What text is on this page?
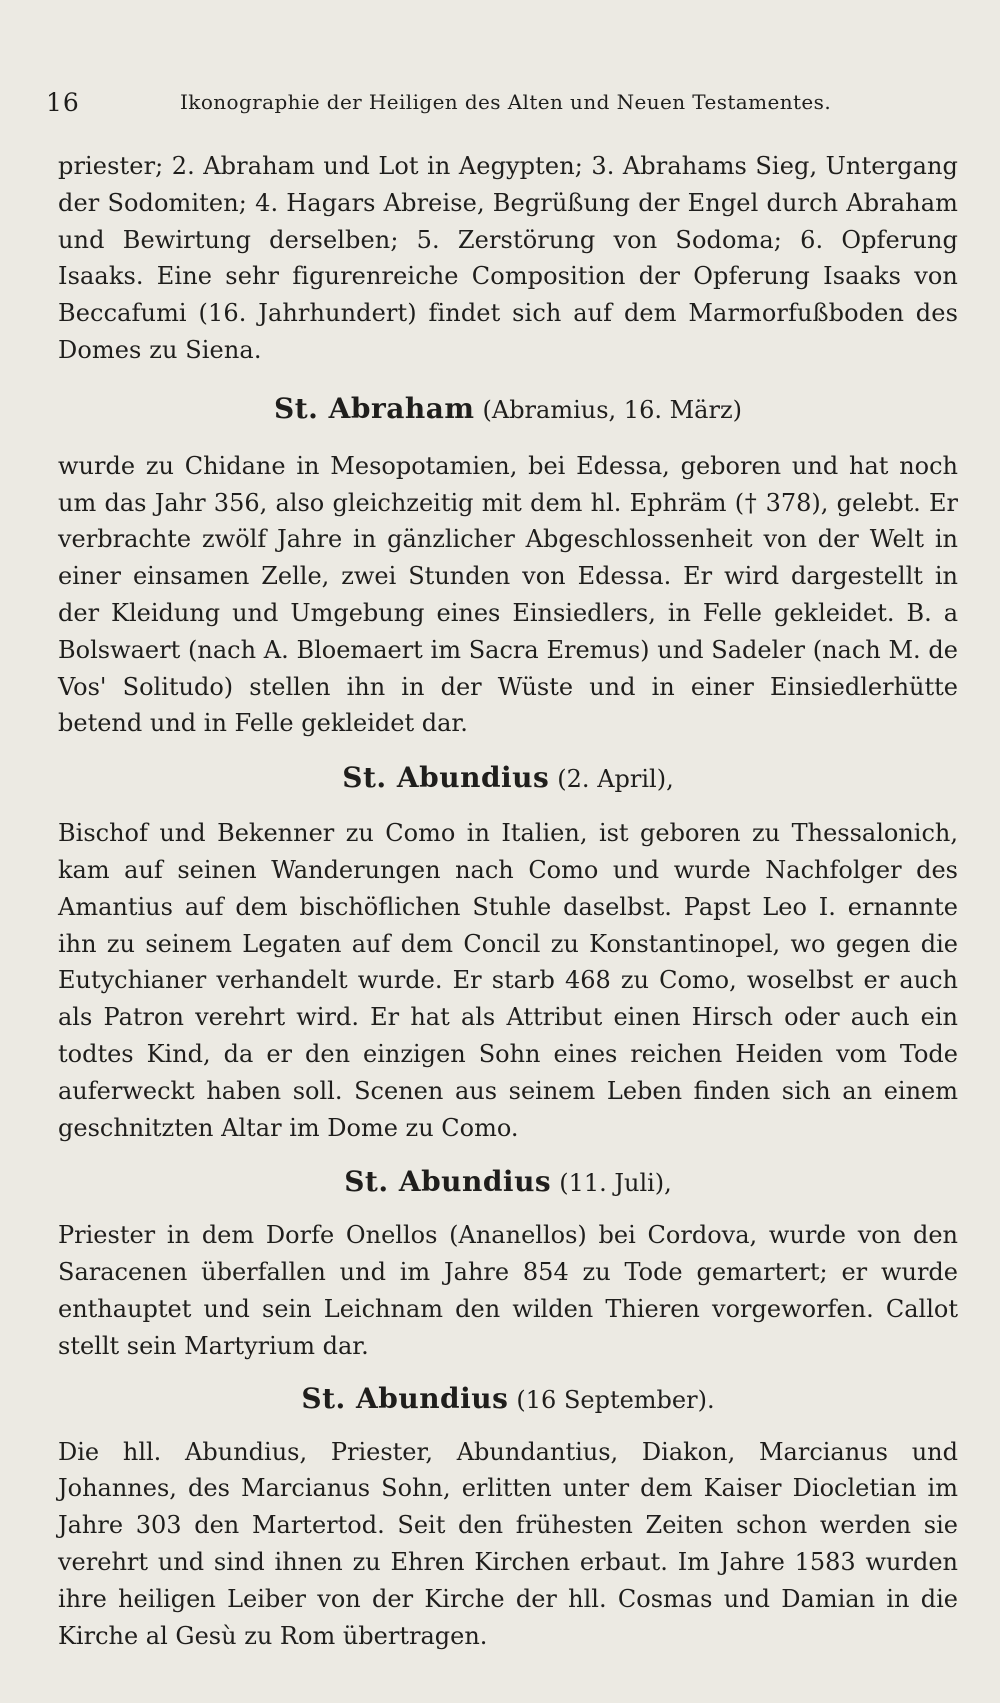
16	Ikonographie der Heiligen des Alten und Neuen Testamentes.

priester; 2. Abraham und Lot in Aegypten; 3. Abrahams Sieg, Untergang der Sodomiten; 4. Hagars Abreise, Begrüßung der Engel durch Abraham und Bewirtung derselben; 5. Zerstörung von Sodoma; 6. Opferung Isaaks. Eine sehr figurenreiche Composition der Opferung Isaaks von Beccafumi (16. Jahrhundert) findet sich auf dem Marmorfußboden des Domes zu Siena.

St. Abraham (Abramius, 16. März)

wurde zu Chidane in Mesopotamien, bei Edessa, geboren und hat noch um das Jahr 356, also gleichzeitig mit dem hl. Ephräm († 378), gelebt. Er verbrachte zwölf Jahre in gänzlicher Abgeschlossenheit von der Welt in einer einsamen Zelle, zwei Stunden von Edessa. Er wird dargestellt in der Kleidung und Umgebung eines Einsiedlers, in Felle gekleidet. B. a Bolswaert (nach A. Bloemaert im Sacra Eremus) und Sadeler (nach M. de Vos' Solitudo) stellen ihn in der Wüste und in einer Einsiedlerhütte betend und in Felle gekleidet dar.

St. Abundius (2. April),

Bischof und Bekenner zu Como in Italien, ist geboren zu Thessalonich, kam auf seinen Wanderungen nach Como und wurde Nachfolger des Amantius auf dem bischöflichen Stuhle daselbst. Papst Leo I. ernannte ihn zu seinem Legaten auf dem Concil zu Konstantinopel, wo gegen die Eutychianer verhandelt wurde. Er starb 468 zu Como, woselbst er auch als Patron verehrt wird. Er hat als Attribut einen Hirsch oder auch ein todtes Kind, da er den einzigen Sohn eines reichen Heiden vom Tode auferweckt haben soll. Scenen aus seinem Leben finden sich an einem geschnitzten Altar im Dome zu Como.

St. Abundius (11. Juli),

Priester in dem Dorfe Onellos (Ananellos) bei Cordova, wurde von den Saracenen überfallen und im Jahre 854 zu Tode gemartert; er wurde enthauptet und sein Leichnam den wilden Thieren vorgeworfen. Callot stellt sein Martyrium dar.

St. Abundius (16 September).

Die hll. Abundius, Priester, Abundantius, Diakon, Marcianus und Johannes, des Marcianus Sohn, erlitten unter dem Kaiser Diocletian im Jahre 303 den Martertod. Seit den frühesten Zeiten schon werden sie verehrt und sind ihnen zu Ehren Kirchen erbaut. Im Jahre 1583 wurden ihre heiligen Leiber von der Kirche der hll. Cosmas und Damian in die Kirche al Gesù zu Rom übertragen.
